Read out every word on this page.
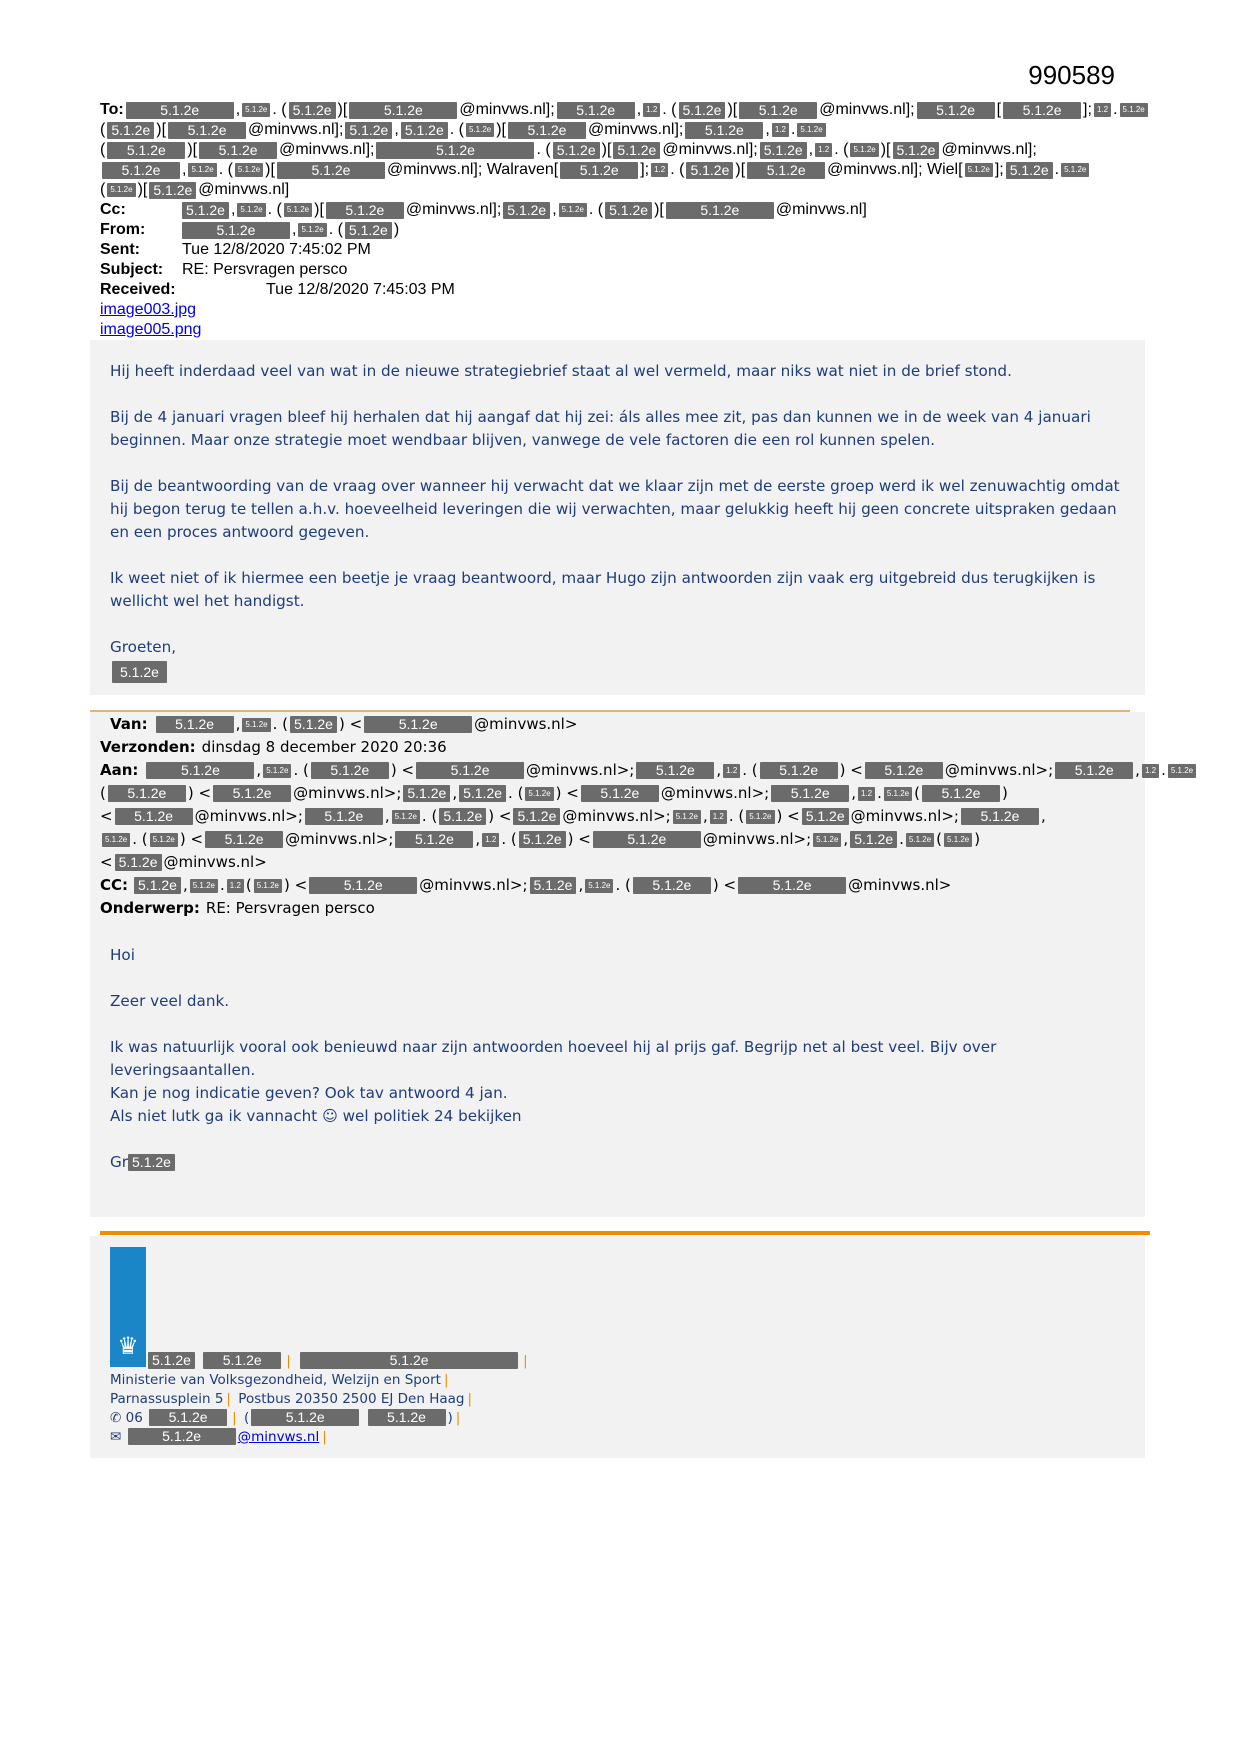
990589
To:	5.1.2e	, 5.1.2e . ( 5.1.2e )[	5.1.2e	@minvws.nl];	5.1.2e	, 1.2 . ( 5.1.2e )[	5.1.2e	@minvws.nl];	5.1.2e	[	5.1.2e	]; 1.2 . 5.1.2e
( 5.1.2e )[	5.1.2e	@minvws.nl]; 5.1.2e , 5.1.2e . ( 5.1.2e )[	5.1.2e	@minvws.nl];	5.1.2e	, 1.2 . 5.1.2e
(	5.1.2e	)[	5.1.2e	@minvws.nl];	5.1.2e	. ( 5.1.2e )[ 5.1.2e @minvws.nl]; 5.1.2e , 1.2 . ( 5.1.2e )[ 5.1.2e @minvws.nl];
5.1.2e	, 5.1.2e . ( 5.1.2e )[	5.1.2e	@minvws.nl];
Walraven[	5.1.2e	]; 1.2 . ( 5.1.2e )[	5.1.2e	@minvws.nl];
Wiel[ 5.1.2e ]; 5.1.2e . 5.1.2e
( 5.1.2e )[ 5.1.2e @minvws.nl]
Cc:	5.1.2e , 5.1.2e . ( 5.1.2e )[	5.1.2e	@minvws.nl]; 5.1.2e , 5.1.2e . ( 5.1.2e )[	5.1.2e	@minvws.nl]
From:	5.1.2e	, 5.1.2e . ( 5.1.2e )
Sent:	Tue 12/8/2020 7:45:02 PM
Subject:	RE: Persvragen persco
Received:	Tue 12/8/2020 7:45:03 PM
image003.jpg
image005.png

Hij heeft inderdaad veel van wat in de nieuwe strategiebrief staat al wel vermeld, maar niks wat niet in de brief stond.

Bij de 4 januari vragen bleef hij herhalen dat hij aangaf dat hij zei: áls alles mee zit, pas dan kunnen we in de week van 4 januari beginnen. Maar onze strategie moet wendbaar blijven, vanwege de vele factoren die een rol kunnen spelen.

Bij de beantwoording van de vraag over wanneer hij verwacht dat we klaar zijn met de eerste groep werd ik wel zenuwachtig omdat hij begon terug te tellen a.h.v. hoeveelheid leveringen die wij verwachten, maar gelukkig heeft hij geen concrete uitspraken gedaan en een proces antwoord gegeven.

Ik weet niet of ik hiermee een beetje je vraag beantwoord, maar Hugo zijn antwoorden zijn vaak erg uitgebreid dus terugkijken is wellicht wel het handigst.

Groeten,
5.1.2e
Van:	5.1.2e	, 5.1.2e . ( 5.1.2e ) <	5.1.2e	@minvws.nl>
Verzonden: dinsdag 8 december 2020 20:36
Aan:	5.1.2e	, 5.1.2e . (	5.1.2e	) <	5.1.2e	@minvws.nl>;	5.1.2e	, 1.2 . (	5.1.2e	) <	5.1.2e	@minvws.nl>;	5.1.2e	, 1.2 . 5.1.2e
(	5.1.2e	) <	5.1.2e	@minvws.nl>; 5.1.2e , 5.1.2e . ( 5.1.2e ) <	5.1.2e	@minvws.nl>;	5.1.2e	, 1.2 . 5.1.2e (	5.1.2e	)
<	5.1.2e	@minvws.nl>;	5.1.2e	, 5.1.2e . ( 5.1.2e ) < 5.1.2e @minvws.nl>; 5.1.2e , 1.2 . ( 5.1.2e ) < 5.1.2e @minvws.nl>;	5.1.2e	,
5.1.2e . ( 5.1.2e ) <	5.1.2e	@minvws.nl>;	5.1.2e	, 1.2 . ( 5.1.2e ) <	5.1.2e	@minvws.nl>; 5.1.2e , 5.1.2e . 5.1.2e ( 5.1.2e )
< 5.1.2e @minvws.nl>
CC: 5.1.2e , 5.1.2e . 1.2 ( 5.1.2e ) <	5.1.2e	@minvws.nl>; 5.1.2e , 5.1.2e . (	5.1.2e	) <	5.1.2e	@minvws.nl>
Onderwerp: RE: Persvragen persco

Hoi

Zeer veel dank.

Ik was natuurlijk vooral ook benieuwd naar zijn antwoorden hoeveel hij al prijs gaf. Begrijp net al best veel. Bijv over leveringsaantallen.
Kan je nog indicatie geven? Ook tav antwoord 4 jan.
Als niet lutk ga ik vannacht ☺ wel politiek 24 bekijken
Gr 5.1.2e
♛ 5.1.2e 5.1.2e |	5.1.2e	|
Ministerie van Volksgezondheid, Welzijn en Sport |
Parnassusplein 5 | Postbus 20350 2500 EJ Den Haag |
✆ 06 5.1.2e | (	5.1.2e	5.1.2e ) |
✉	5.1.2e	@minvws.nl |
